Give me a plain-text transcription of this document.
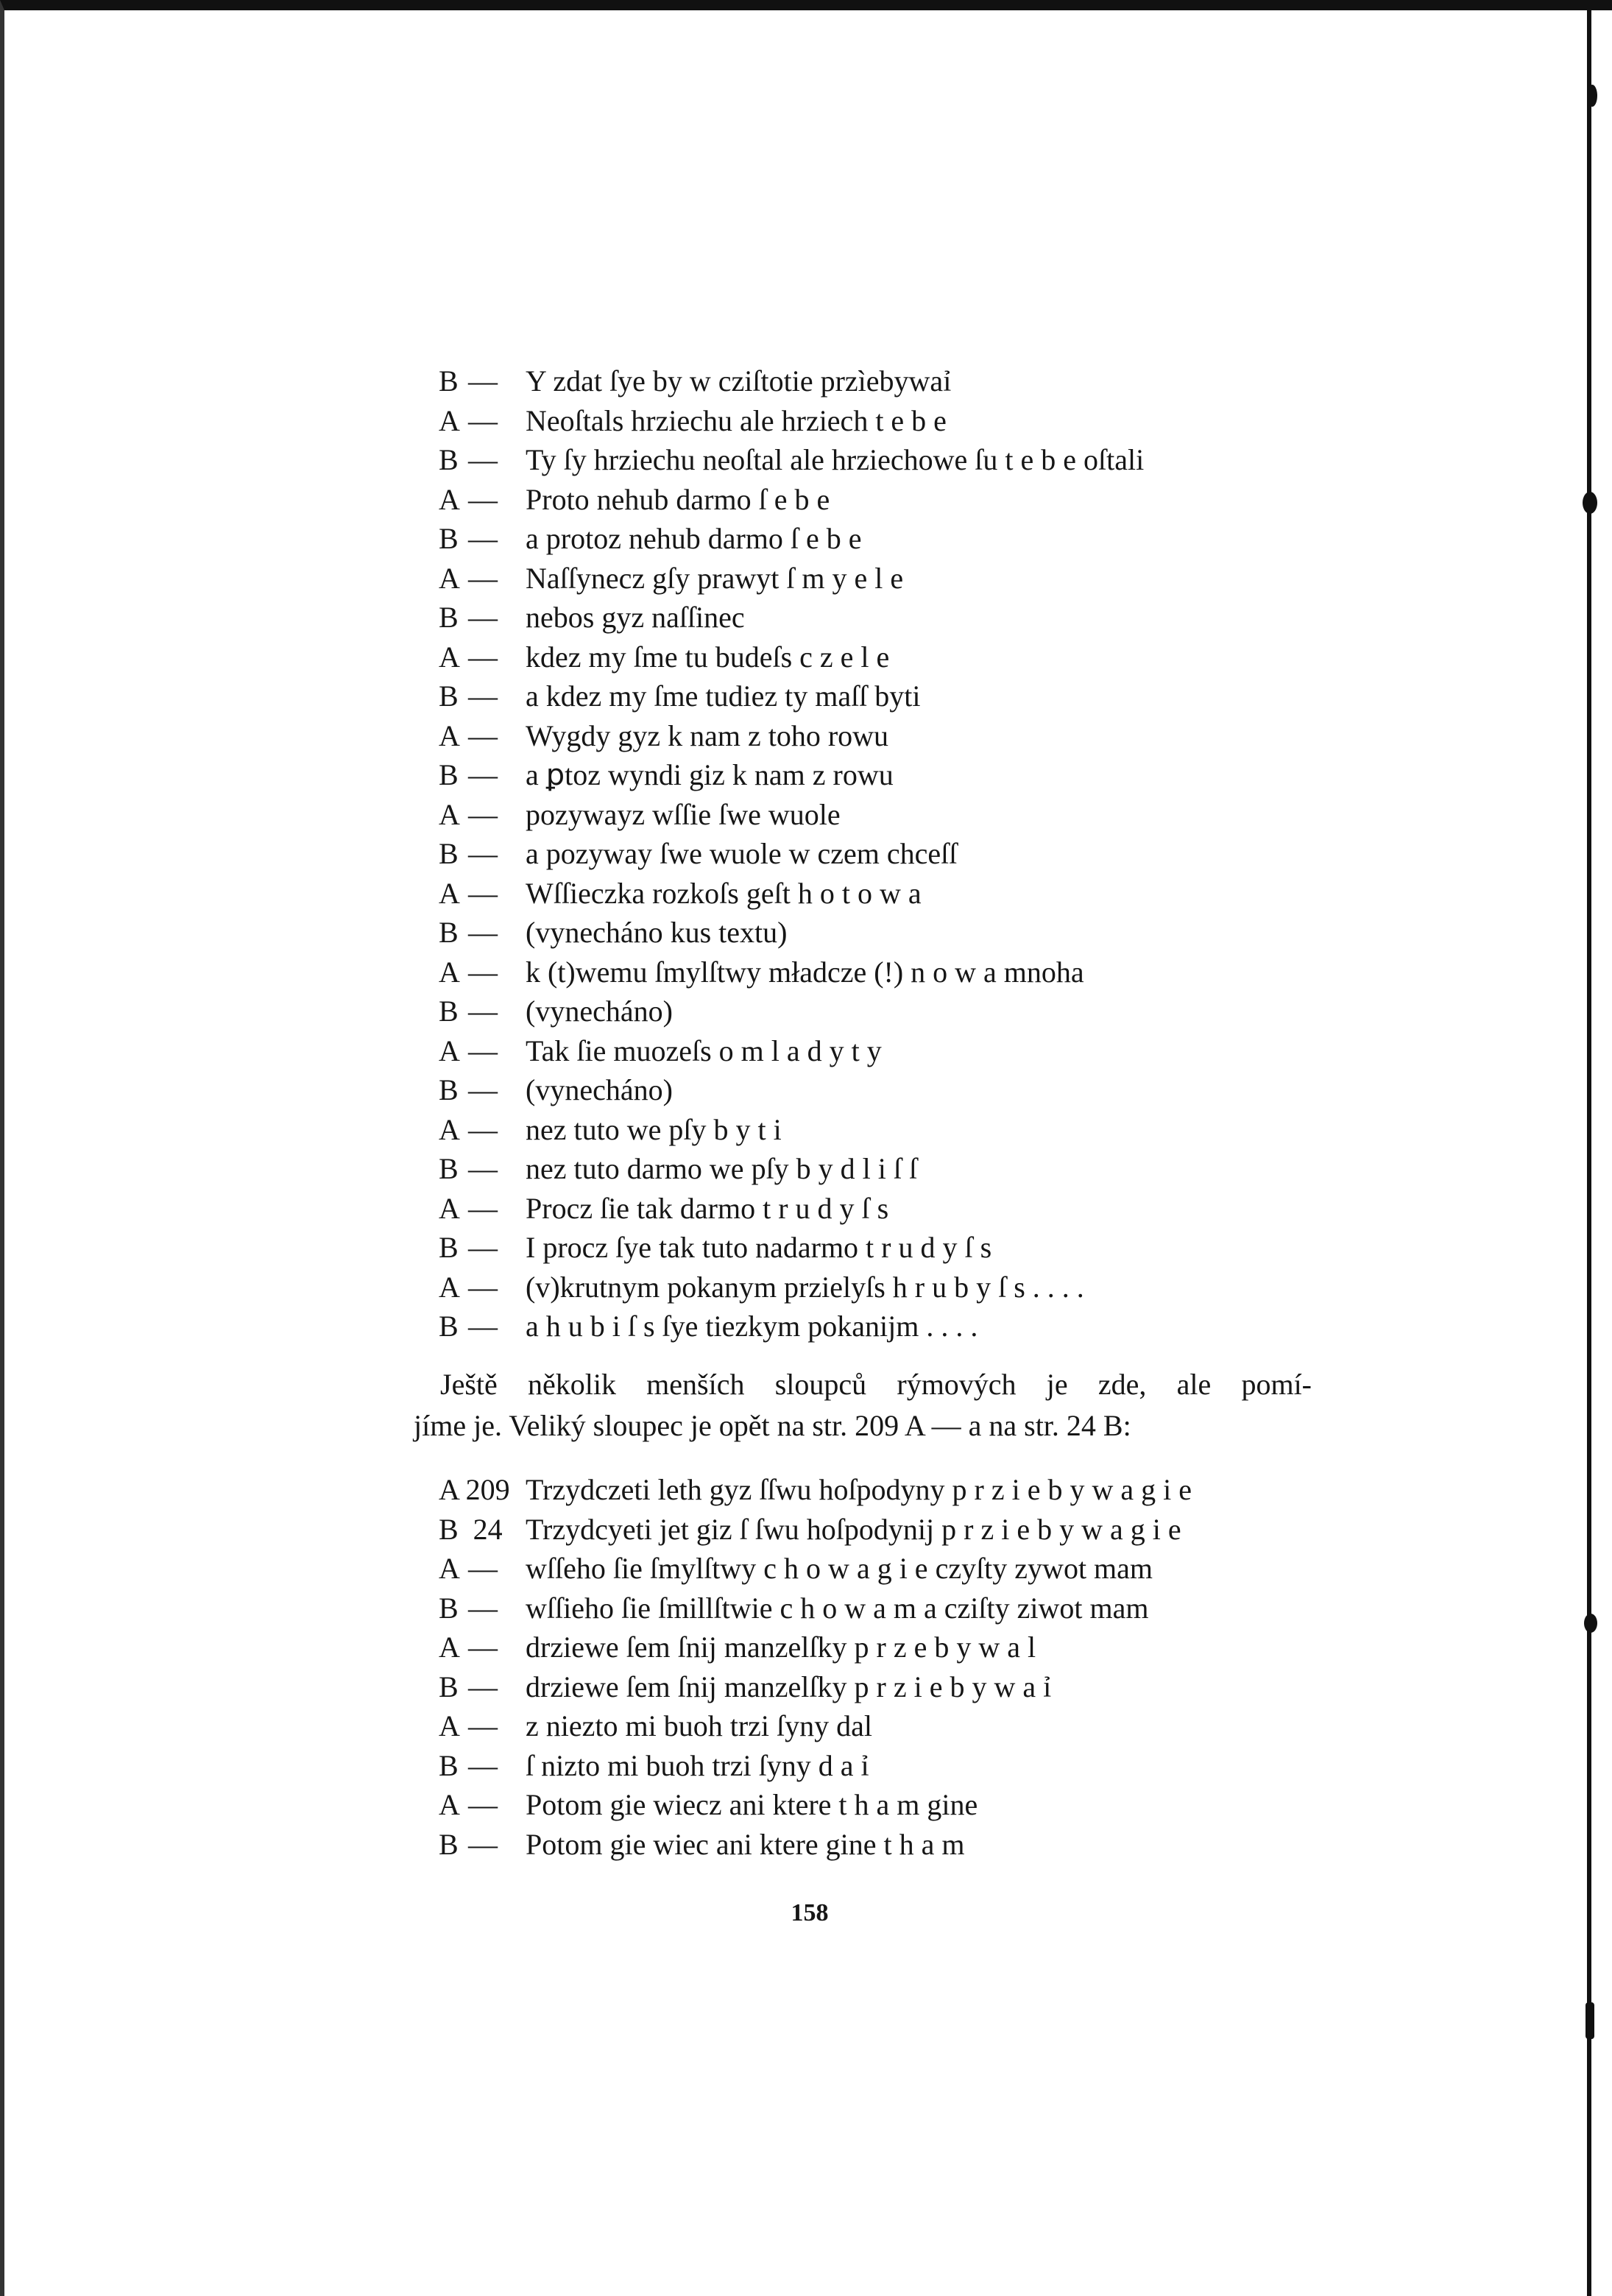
B — Y zdat ſye by w cziſtotie przìebywaỉ
A — Neoſtals hrziechu ale hrziech t e b e
B — Ty ſy hrziechu neoſtal ale hrziechowe ſu t e b e oſtali
A — Proto nehub darmo ſ e b e
B — a protoz nehub darmo ſ e b e
A — Naſſynecz gſy prawyt ſ m y e l e
B — nebos gyz naſſinec
A — kdez my ſme tu budeſs c z e l e
B — a kdez my ſme tudiez ty maſſ byti
A — Wygdy gyz k nam z toho rowu
B — a ꝑtoz wyndi giz k nam z rowu
A — pozywayz wſſie ſwe wuole
B — a pozyway ſwe wuole w czem chceſſ
A — Wſſieczka rozkoſs geſt h o t o w a
B — (vynecháno kus textu)
A — k (t)wemu ſmylſtwy mładcze (!) n o w a mnoha
B — (vynecháno)
A — Tak ſie muozeſs o m l a d y t y
B — (vynecháno)
A — nez tuto we pſy b y t i
B — nez tuto darmo we pſy b y d l i ſ ſ
A — Procz ſie tak darmo t r u d y ſ s
B — I procz ſye tak tuto nadarmo t r u d y ſ s
A — (v)krutnym pokanym przielyſs h r u b y ſ s . . . .
B — a h u b i ſ s ſye tiezkym pokanijm . . . .
Ještě několik menších sloupců rýmových je zde, ale pomí-
jíme je. Veliký sloupec je opět na str. 209 A — a na str. 24 B:
A 209 Trzydczeti leth gyz ſſwu hoſpodyny p r z i e b y w a g i e
B  24 Trzydcyeti jet giz ſ ſwu hoſpodynij p r z i e b y w a g i e
A — wſſeho ſie ſmylſtwy c h o w a g i e czyſty zywot mam
B — wſſieho ſie ſmillſtwie c h o w a m a cziſty ziwot mam
A — drziewe ſem ſnij manzelſky p r z e b y w a l
B — drziewe ſem ſnij manzelſky p r z i e b y w a ỉ
A — z niezto mi buoh trzi ſyny dal
B — ſ nizto mi buoh trzi ſyny d a ỉ
A — Potom gie wiecz ani ktere t h a m gine
B — Potom gie wiec ani ktere gine t h a m
158
